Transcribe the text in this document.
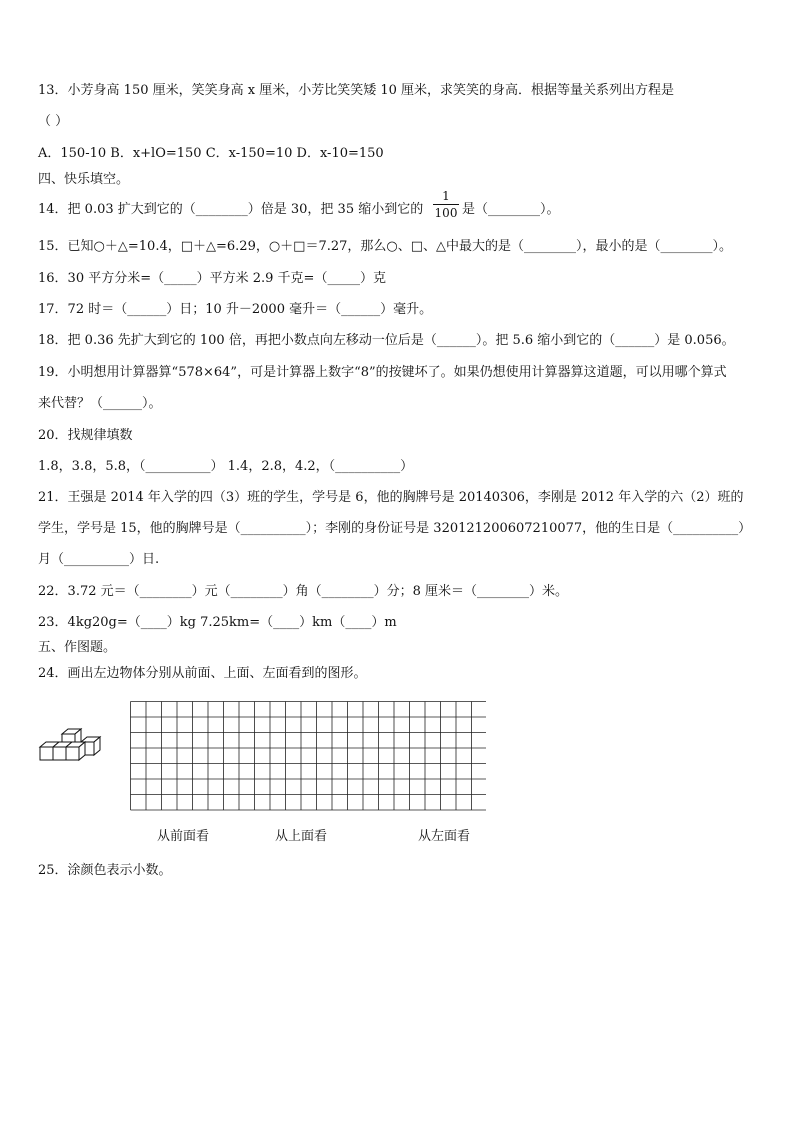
13．小芳身高 150 厘米，笑笑身高 x 厘米，小芳比笑笑矮 10 厘米，求笑笑的身高．根据等量关系列出方程是
（ ）
A．150-10 B．x+lO=150 C．x-150=10 D．x-10=150
四、快乐填空。
14．把 0.03 扩大到它的（________）倍是 30，把 35 缩小到它的
1
100 是（________）。
15．已知○＋△=10.4，□＋△=6.29，○＋□＝7.27，那么○、□、△中最大的是（________），最小的是（________）。
16．30 平方分米=（_____）平方米 2.9 千克=（_____）克
17．72 时＝（______）日；10 升－2000 毫升＝（______）毫升。
18．把 0.36 先扩大到它的 100 倍，再把小数点向左移动一位后是（______）。把 5.6 缩小到它的（______）是 0.056。
19．小明想用计算器算“578×64”，可是计算器上数字“8”的按键坏了。如果仍想使用计算器算这道题，可以用哪个算式
来代替？（______）。
20．找规律填数
1.8，3.8，5.8，（__________） 1.4，2.8，4.2，（__________）
21．王强是 2014 年入学的四（3）班的学生，学号是 6，他的胸牌号是 20140306，李刚是 2012 年入学的六（2）班的
学生，学号是 15，他的胸牌号是（__________）；李刚的身份证号是 320121200607210077，他的生日是（__________）
月（__________）日.
22．3.72 元＝（________）元（________）角（________）分；8 厘米＝（________）米。
23．4kg20g=（____）kg 7.25km=（____）km（____）m
五、作图题。
24．画出左边物体分别从前面、上面、左面看到的图形。
从前面看	从上面看	从左面看
25．涂颜色表示小数。
